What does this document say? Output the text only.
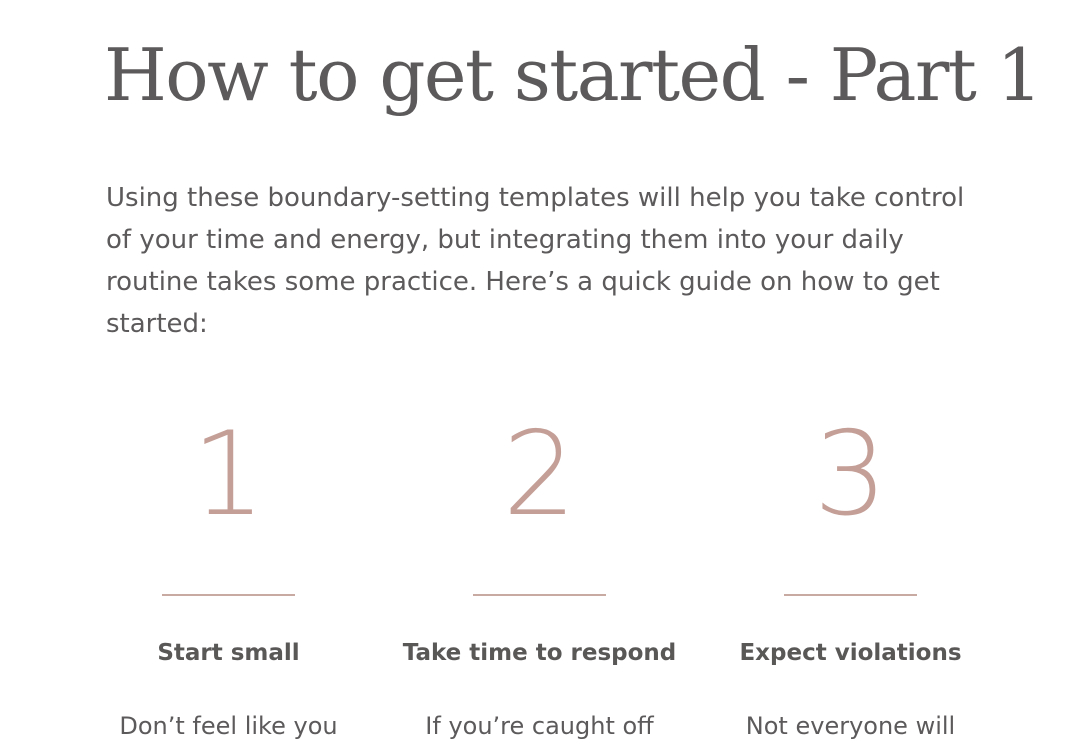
How to get started - Part 1

Using these boundary-setting templates will help you take control of your time and energy, but integrating them into your daily routine takes some practice. Here’s a quick guide on how to get started:

1
Start small
Don’t feel like you
2
Take time to respond
If you’re caught off
3
Expect violations
Not everyone will
